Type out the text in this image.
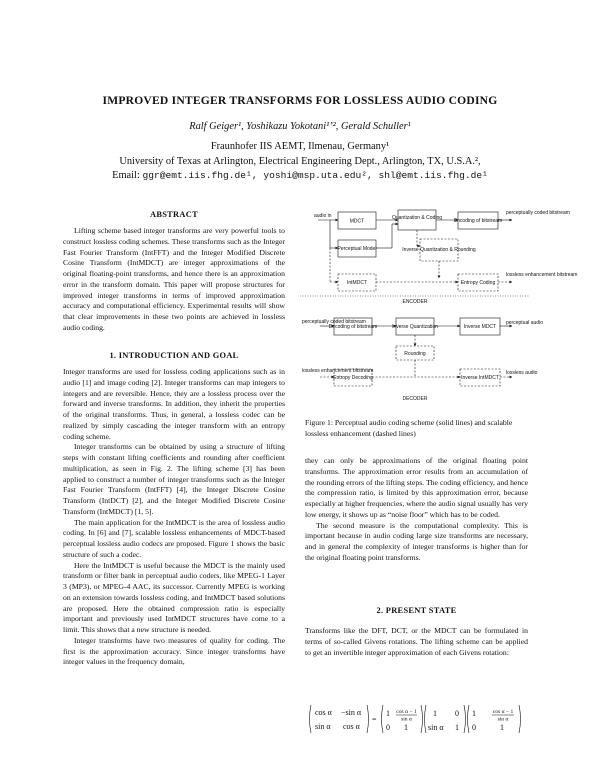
IMPROVED INTEGER TRANSFORMS FOR LOSSLESS AUDIO CODING
Ralf Geiger¹, Yoshikazu Yokotani¹ʼ², Gerald Schuller¹
Fraunhofer IIS AEMT, Ilmenau, Germany¹
University of Texas at Arlington, Electrical Engineering Dept., Arlington, TX, U.S.A.²,
Email: ggr@emt.iis.fhg.de¹, yoshi@msp.uta.edu², shl@emt.iis.fhg.de¹
ABSTRACT

Lifting scheme based integer transforms are very powerful tools to construct lossless coding schemes. These transforms such as the Integer Fast Fourier Transform (IntFFT) and the Integer Modified Discrete Cosine Transform (IntMDCT) are integer approximations of the original floating-point transforms, and hence there is an approximation error in the transform domain. This paper will propose structures for improved integer transforms in terms of improved approximation accuracy and computational efficiency. Experimental results will show that clear improvements in these two points are achieved in lossless audio coding.

1. INTRODUCTION AND GOAL

Integer transforms are used for lossless coding applications such as in audio [1] and image coding [2]. Integer transforms can map integers to integers and are reversible. Hence, they are a lossless process over the forward and inverse transforms. In addition, they inherit the properties of the original transforms. Thus, in general, a lossless codec can be realized by simply cascading the integer transform with an entropy coding scheme.

Integer transforms can be obtained by using a structure of lifting steps with constant lifting coefficients and rounding after coefficient multiplication, as seen in Fig. 2. The lifting scheme [3] has been applied to construct a number of integer transforms such as the Integer Fast Fourier Transform (IntFFT) [4], the Integer Discrete Cosine Transform (IntDCT) [2], and the Integer Modified Discrete Cosine Transform (IntMDCT) [1, 5].

The main application for the IntMDCT is the area of lossless audio coding. In [6] and [7], scalable lossless enhancements of MDCT-based perceptual lossless audio codecs are proposed. Figure 1 shows the basic structure of such a codec.

Here the IntMDCT is useful because the MDCT is the mainly used transform or filter bank in perceptual audio coders, like MPEG-1 Layer 3 (MP3), or MPEG-4 AAC, its successor. Currently MPEG is working on an extension towards lossless coding, and IntMDCT based solutions are proposed. Here the obtained compression ratio is especially important and previously used IntMDCT structures have come to a limit. This shows that a new structure is needed.

Integer transforms have two measures of quality for coding. The first is the approximation accuracy. Since integer transforms have integer values in the frequency domain,

audio in
MDCT
Quantization & Coding Encoding of bitstream
perceptually coded bitstream
Perceptual Model	Inverse Quantization & Rounding
IntMDCT	Entropy Coding
lossless enhancement bitstream
ENCODER
perceptually coded bitstream
Decoding of bitstream	Inverse Quantization	Inverse MDCT
perceptual audio
Rounding
lossless enhancement bitstream
Entropy Decoding	Inverse IntMDCT
lossless audio
DECODER
Figure 1: Perceptual audio coding scheme (solid lines) and scalable lossless enhancement (dashed lines)

they can only be approximations of the original floating point transforms. The approximation error results from an accumulation of the rounding errors of the lifting steps. The coding efficiency, and hence the compression ratio, is limited by this approximation error, because especially at higher frequencies, where the audio signal usually has very low energy, it shows up as “noise floor” which has to be coded.

The second measure is the computational complexity. This is important because in audio coding large size transforms are necessary, and in general the complexity of integer transforms is higher than for the original floating point transforms.

2. PRESENT STATE

Transforms like the DFT, DCT, or the MDCT can be formulated in terms of so-called Givens rotations. The lifting scheme can be applied to get an invertible integer approximation of each Givens rotation:

cos α −sin α
sin α cos α
=
1 cos α − 1
sin α
0 1
1 0
sin α 1
1	cos α − 1
sin α
0	1
